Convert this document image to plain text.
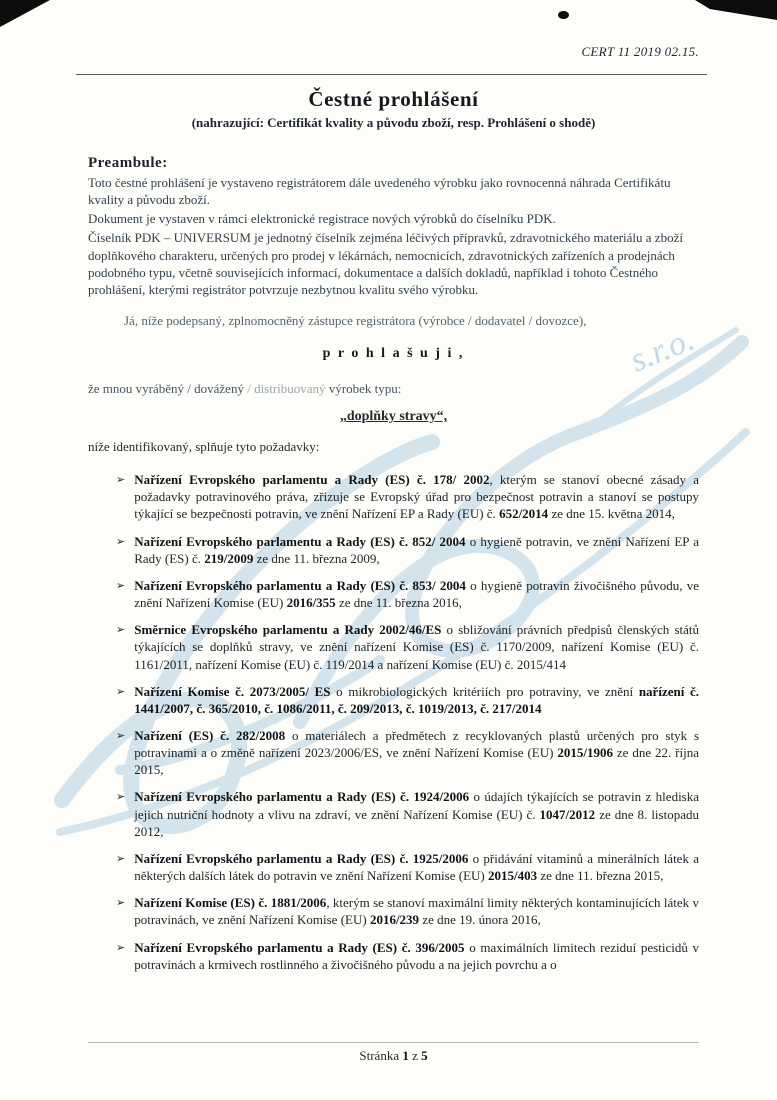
s.r.o.
CERT 11 2019 02.15.
Čestné prohlášení
(nahrazující: Certifikát kvality a původu zboží, resp. Prohlášení o shodě)
Preambule:

Toto čestné prohlášení je vystaveno registrátorem dále uvedeného výrobku jako rovnocenná náhrada Certifikátu kvality a původu zboží.

Dokument je vystaven v rámci elektronické registrace nových výrobků do číselníku PDK.

Číselník PDK – UNIVERSUM je jednotný číselník zejména léčivých přípravků, zdravotnického materiálu a zboží doplňkového charakteru, určených pro prodej v lékárnách, nemocnicích, zdravotnických zařízeních a prodejnách podobného typu, včetně souvisejících informací, dokumentace a dalších dokladů, například i tohoto Čestného prohlášení, kterými registrátor potvrzuje nezbytnou kvalitu svého výrobku.

Já, níže podepsaný, zplnomocněný zástupce registrátora (výrobce / dodavatel / dovozce),
p r o h l a š u j i ,
že mnou vyráběný / dovážený / distribuovaný výrobek typu:
„doplňky stravy“,
níže identifikovaný, splňuje tyto požadavky:
➢ Nařízení Evropského parlamentu a Rady (ES) č. 178/ 2002, kterým se stanoví obecné zásady a požadavky potravinového práva, zřizuje se Evropský úřad pro bezpečnost potravin a stanoví se postupy týkající se bezpečnosti potravin, ve znění Nařízení EP a Rady (EU) č. 652/2014 ze dne 15. května 2014,
➢ Nařízení Evropského parlamentu a Rady (ES) č. 852/ 2004 o hygieně potravin, ve znění Nařízení EP a Rady (ES) č. 219/2009 ze dne 11. března 2009,
➢ Nařízení Evropského parlamentu a Rady (ES) č. 853/ 2004 o hygieně potravin živočišného původu, ve znění Nařízení Komise (EU) 2016/355 ze dne 11. března 2016,
➢ Směrnice Evropského parlamentu a Rady 2002/46/ES o sbližování právních předpisů členských států týkajících se doplňků stravy, ve znění nařízení Komise (ES) č. 1170/2009, nařízení Komise (EU) č. 1161/2011, nařízení Komise (EU) č. 119/2014 a nařízení Komise (EU) č. 2015/414
➢ Nařízení Komise č. 2073/2005/ ES o mikrobiologických kritériích pro potraviny, ve znění nařízení č. 1441/2007, č. 365/2010, č. 1086/2011, č. 209/2013, č. 1019/2013, č. 217/2014
➢ Nařízení (ES) č. 282/2008 o materiálech a předmětech z recyklovaných plastů určených pro styk s potravinami a o změně nařízení 2023/2006/ES, ve znění Nařízení Komise (EU) 2015/1906 ze dne 22. října 2015,
➢ Nařízení Evropského parlamentu a Rady (ES) č. 1924/2006 o údajích týkajících se potravin z hlediska jejich nutriční hodnoty a vlivu na zdraví, ve znění Nařízení Komise (EU) č. 1047/2012 ze dne 8. listopadu 2012,
➢ Nařízení Evropského parlamentu a Rady (ES) č. 1925/2006 o přidávání vitaminů a minerálních látek a některých dalších látek do potravin ve znění Nařízení Komise (EU) 2015/403 ze dne 11. března 2015,
➢ Nařízení Komise (ES) č. 1881/2006, kterým se stanoví maximální limity některých kontaminujících látek v potravinách, ve znění Nařízení Komise (EU) 2016/239 ze dne 19. února 2016,
➢ Nařízení Evropského parlamentu a Rady (ES) č. 396/2005 o maximálních limitech reziduí pesticidů v potravinách a krmivech rostlinného a živočišného původu a na jejich povrchu a o
Stránka 1 z 5
